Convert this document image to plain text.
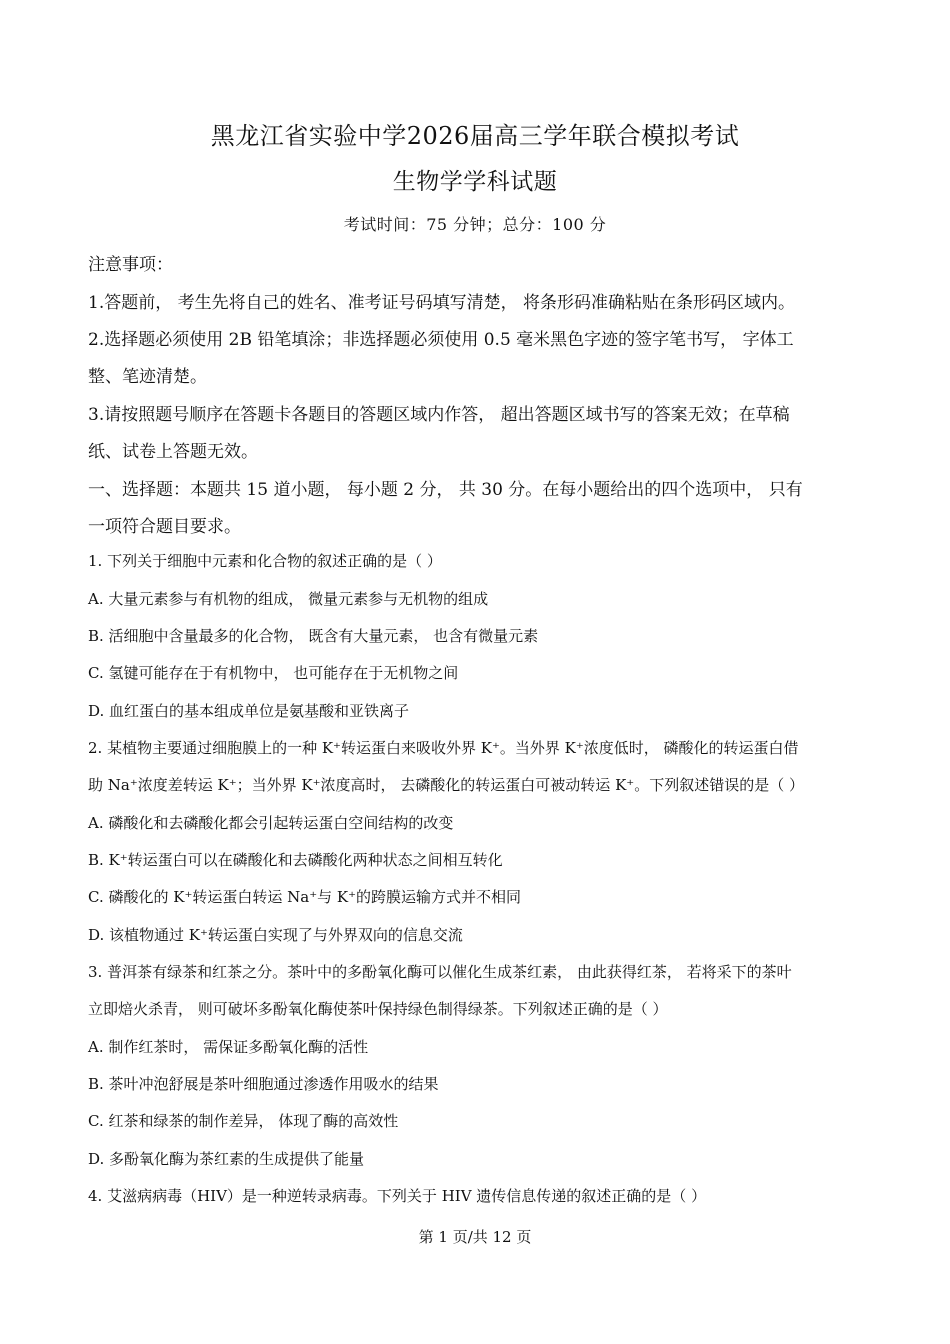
黑龙江省实验中学2026届高三学年联合模拟考试
生物学学科试题
考试时间：75 分钟；总分：100 分
注意事项：
1.答题前， 考生先将自己的姓名、准考证号码填写清楚， 将条形码准确粘贴在条形码区域内。
2.选择题必须使用 2B 铅笔填涂；非选择题必须使用 0.5 毫米黑色字迹的签字笔书写， 字体工
整、笔迹清楚。
3.请按照题号顺序在答题卡各题目的答题区域内作答， 超出答题区域书写的答案无效；在草稿
纸、试卷上答题无效。
一、选择题：本题共 15 道小题， 每小题 2 分， 共 30 分。在每小题给出的四个选项中， 只有
一项符合题目要求。
1. 下列关于细胞中元素和化合物的叙述正确的是（ ）
A. 大量元素参与有机物的组成， 微量元素参与无机物的组成
B. 活细胞中含量最多的化合物， 既含有大量元素， 也含有微量元素
C. 氢键可能存在于有机物中， 也可能存在于无机物之间
D. 血红蛋白的基本组成单位是氨基酸和亚铁离子
2. 某植物主要通过细胞膜上的一种 K⁺转运蛋白来吸收外界 K⁺。当外界 K⁺浓度低时， 磷酸化的转运蛋白借
助 Na⁺浓度差转运 K⁺；当外界 K⁺浓度高时， 去磷酸化的转运蛋白可被动转运 K⁺。下列叙述错误的是（ ）
A. 磷酸化和去磷酸化都会引起转运蛋白空间结构的改变
B. K⁺转运蛋白可以在磷酸化和去磷酸化两种状态之间相互转化
C. 磷酸化的 K⁺转运蛋白转运 Na⁺与 K⁺的跨膜运输方式并不相同
D. 该植物通过 K⁺转运蛋白实现了与外界双向的信息交流
3. 普洱茶有绿茶和红茶之分。茶叶中的多酚氧化酶可以催化生成茶红素， 由此获得红茶， 若将采下的茶叶
立即焙火杀青， 则可破坏多酚氧化酶使茶叶保持绿色制得绿茶。下列叙述正确的是（ ）
A. 制作红茶时， 需保证多酚氧化酶的活性
B. 茶叶冲泡舒展是茶叶细胞通过渗透作用吸水的结果
C. 红茶和绿茶的制作差异， 体现了酶的高效性
D. 多酚氧化酶为茶红素的生成提供了能量
4. 艾滋病病毒（HIV）是一种逆转录病毒。下列关于 HIV 遗传信息传递的叙述正确的是（ ）
第 1 页/共 12 页
